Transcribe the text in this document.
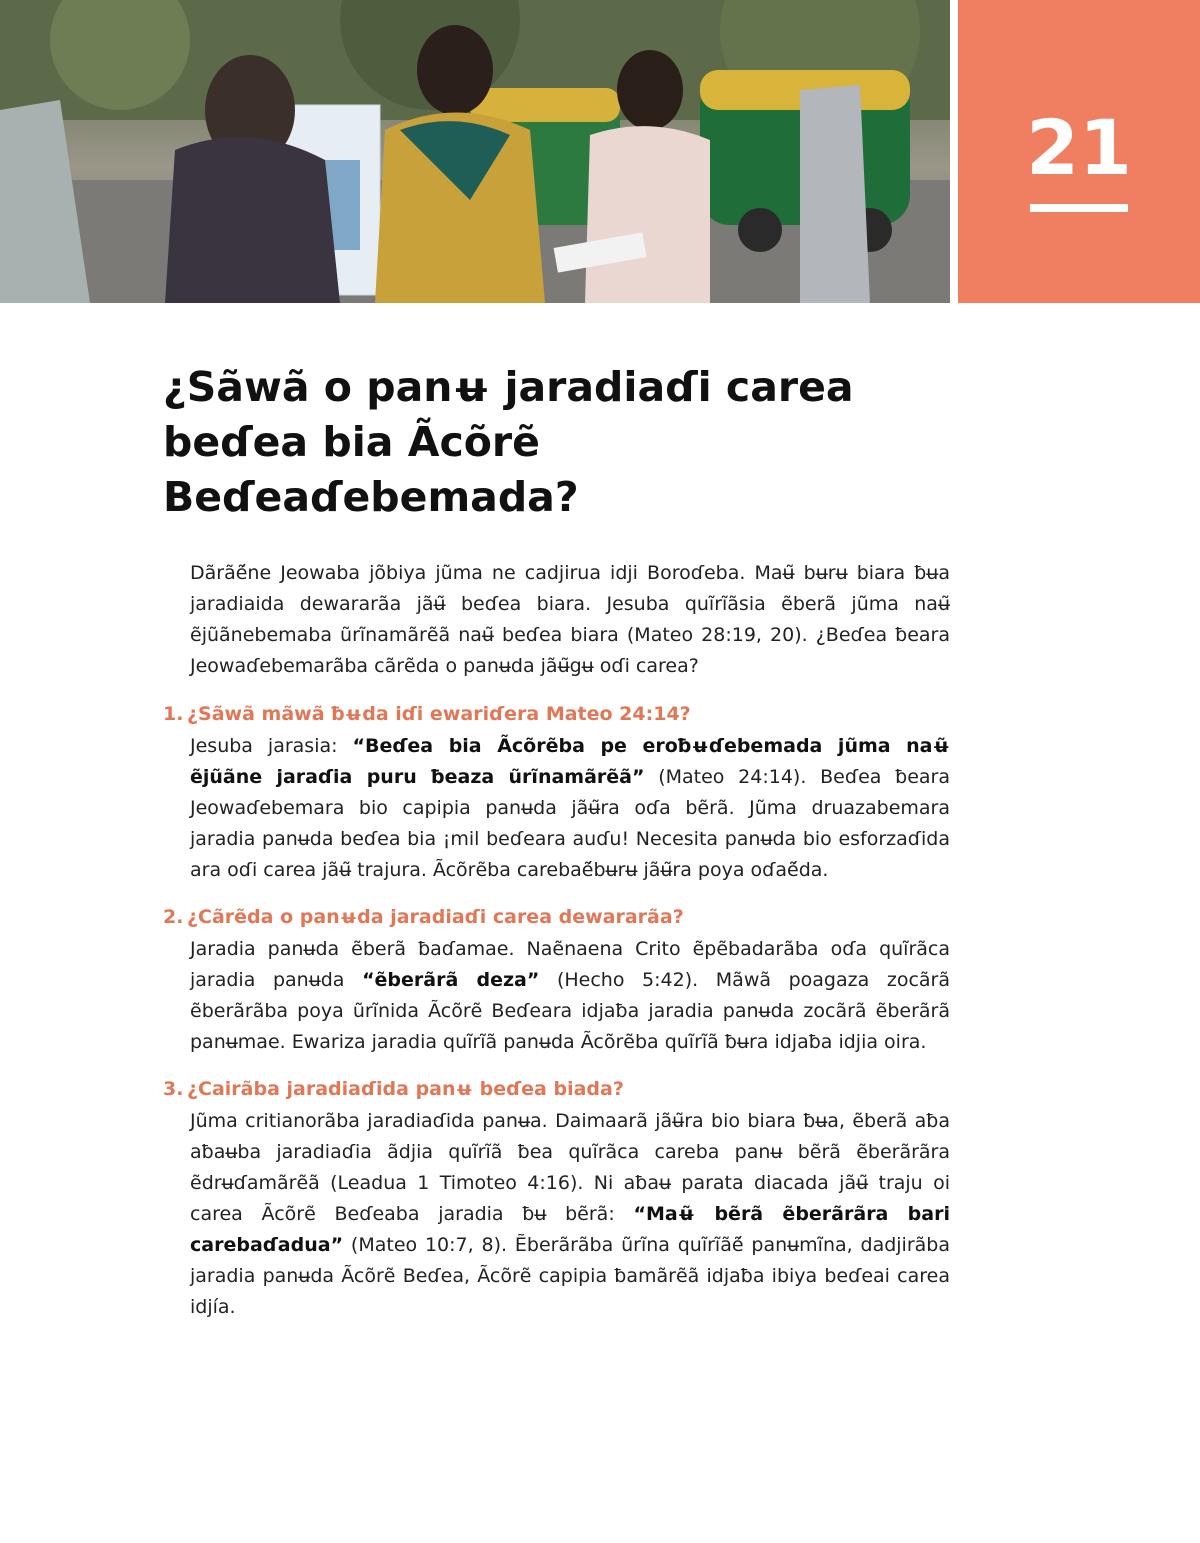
21
¿Sãwã o panʉ jaradiaɗi carea beɗea bia Ãcõrẽ Beɗeaɗebemada?

Dãrãẽ́ne Jeowaba jõbiya jũma ne cadjirua idji Boroɗeba. Maʉ̃ bʉrʉ biara ƀʉa jaradiaida dewararãa jãʉ̃ beɗea biara. Jesuba quĩrĩãsia ẽberã jũma naʉ̃ ẽjũãnebemaba ũrĩnamãrẽã naʉ̃ beɗea biara (Mateo 28:19, 20). ¿Beɗea ƀeara Jeowaɗebemarãba cãrẽda o panʉda jãʉ̃gʉ oɗi carea?

1. ¿Sãwã mãwã ƀʉda iɗi ewariɗera Mateo 24:14?

Jesuba jarasia: “Beɗea bia Ãcõrẽba pe eroƀʉɗebemada jũma naʉ̃ ẽjũãne jaraɗia puru ƀeaza ũrĩnamãrẽã” (Mateo 24:14). Beɗea ƀeara Jeowaɗebemara bio capipia panʉda jãʉ̃ra oɗa bẽrã. Jũma druazabemara jaradia panʉda beɗea bia ¡mil beɗeara auɗu! Necesita panʉda bio esforzaɗida ara oɗi carea jãʉ̃ trajura. Ãcõrẽba carebaẽ́bʉrʉ jãʉ̃ra poya oɗaẽ́da.

2. ¿Cãrẽda o panʉda jaradiaɗi carea dewararãa?

Jaradia panʉda ẽberã ƀaɗamae. Naẽnaena Crito ẽpẽbadarãba oɗa quĩrãca jaradia panʉda “ẽberãrã deza” (Hecho 5:42). Mãwã poagaza zocãrã ẽberãrãba poya ũrĩnida Ãcõrẽ Beɗeara idjaƀa jaradia panʉda zocãrã ẽberãrã panʉmae. Ewariza jaradia quĩrĩã panʉda Ãcõrẽba quĩrĩã ƀʉra idjaƀa idjia oira.

3. ¿Cairãba jaradiaɗida panʉ beɗea biada?

Jũma critianorãba jaradiaɗida panʉa. Daimaarã jãʉ̃ra bio biara ƀʉa, ẽberã aƀa aƀaʉba jaradiaɗia ãdjia quĩrĩã ƀea quĩrãca careba panʉ bẽrã ẽberãrãra ẽdrʉɗamãrẽã (Leadua 1 Timoteo 4:16). Ni aƀaʉ parata diacada jãʉ̃ traju oi carea Ãcõrẽ Beɗeaba jaradia ƀʉ bẽrã: “Maʉ̃ bẽrã ẽberãrãra bari carebaɗadua” (Mateo 10:7, 8). Ẽberãrãba ũrĩna quĩrĩãẽ́ panʉmĩna, dadjirãba jaradia panʉda Ãcõrẽ Beɗea, Ãcõrẽ capipia ƀamãrẽã idjaƀa ibiya beɗeai carea idjía.
